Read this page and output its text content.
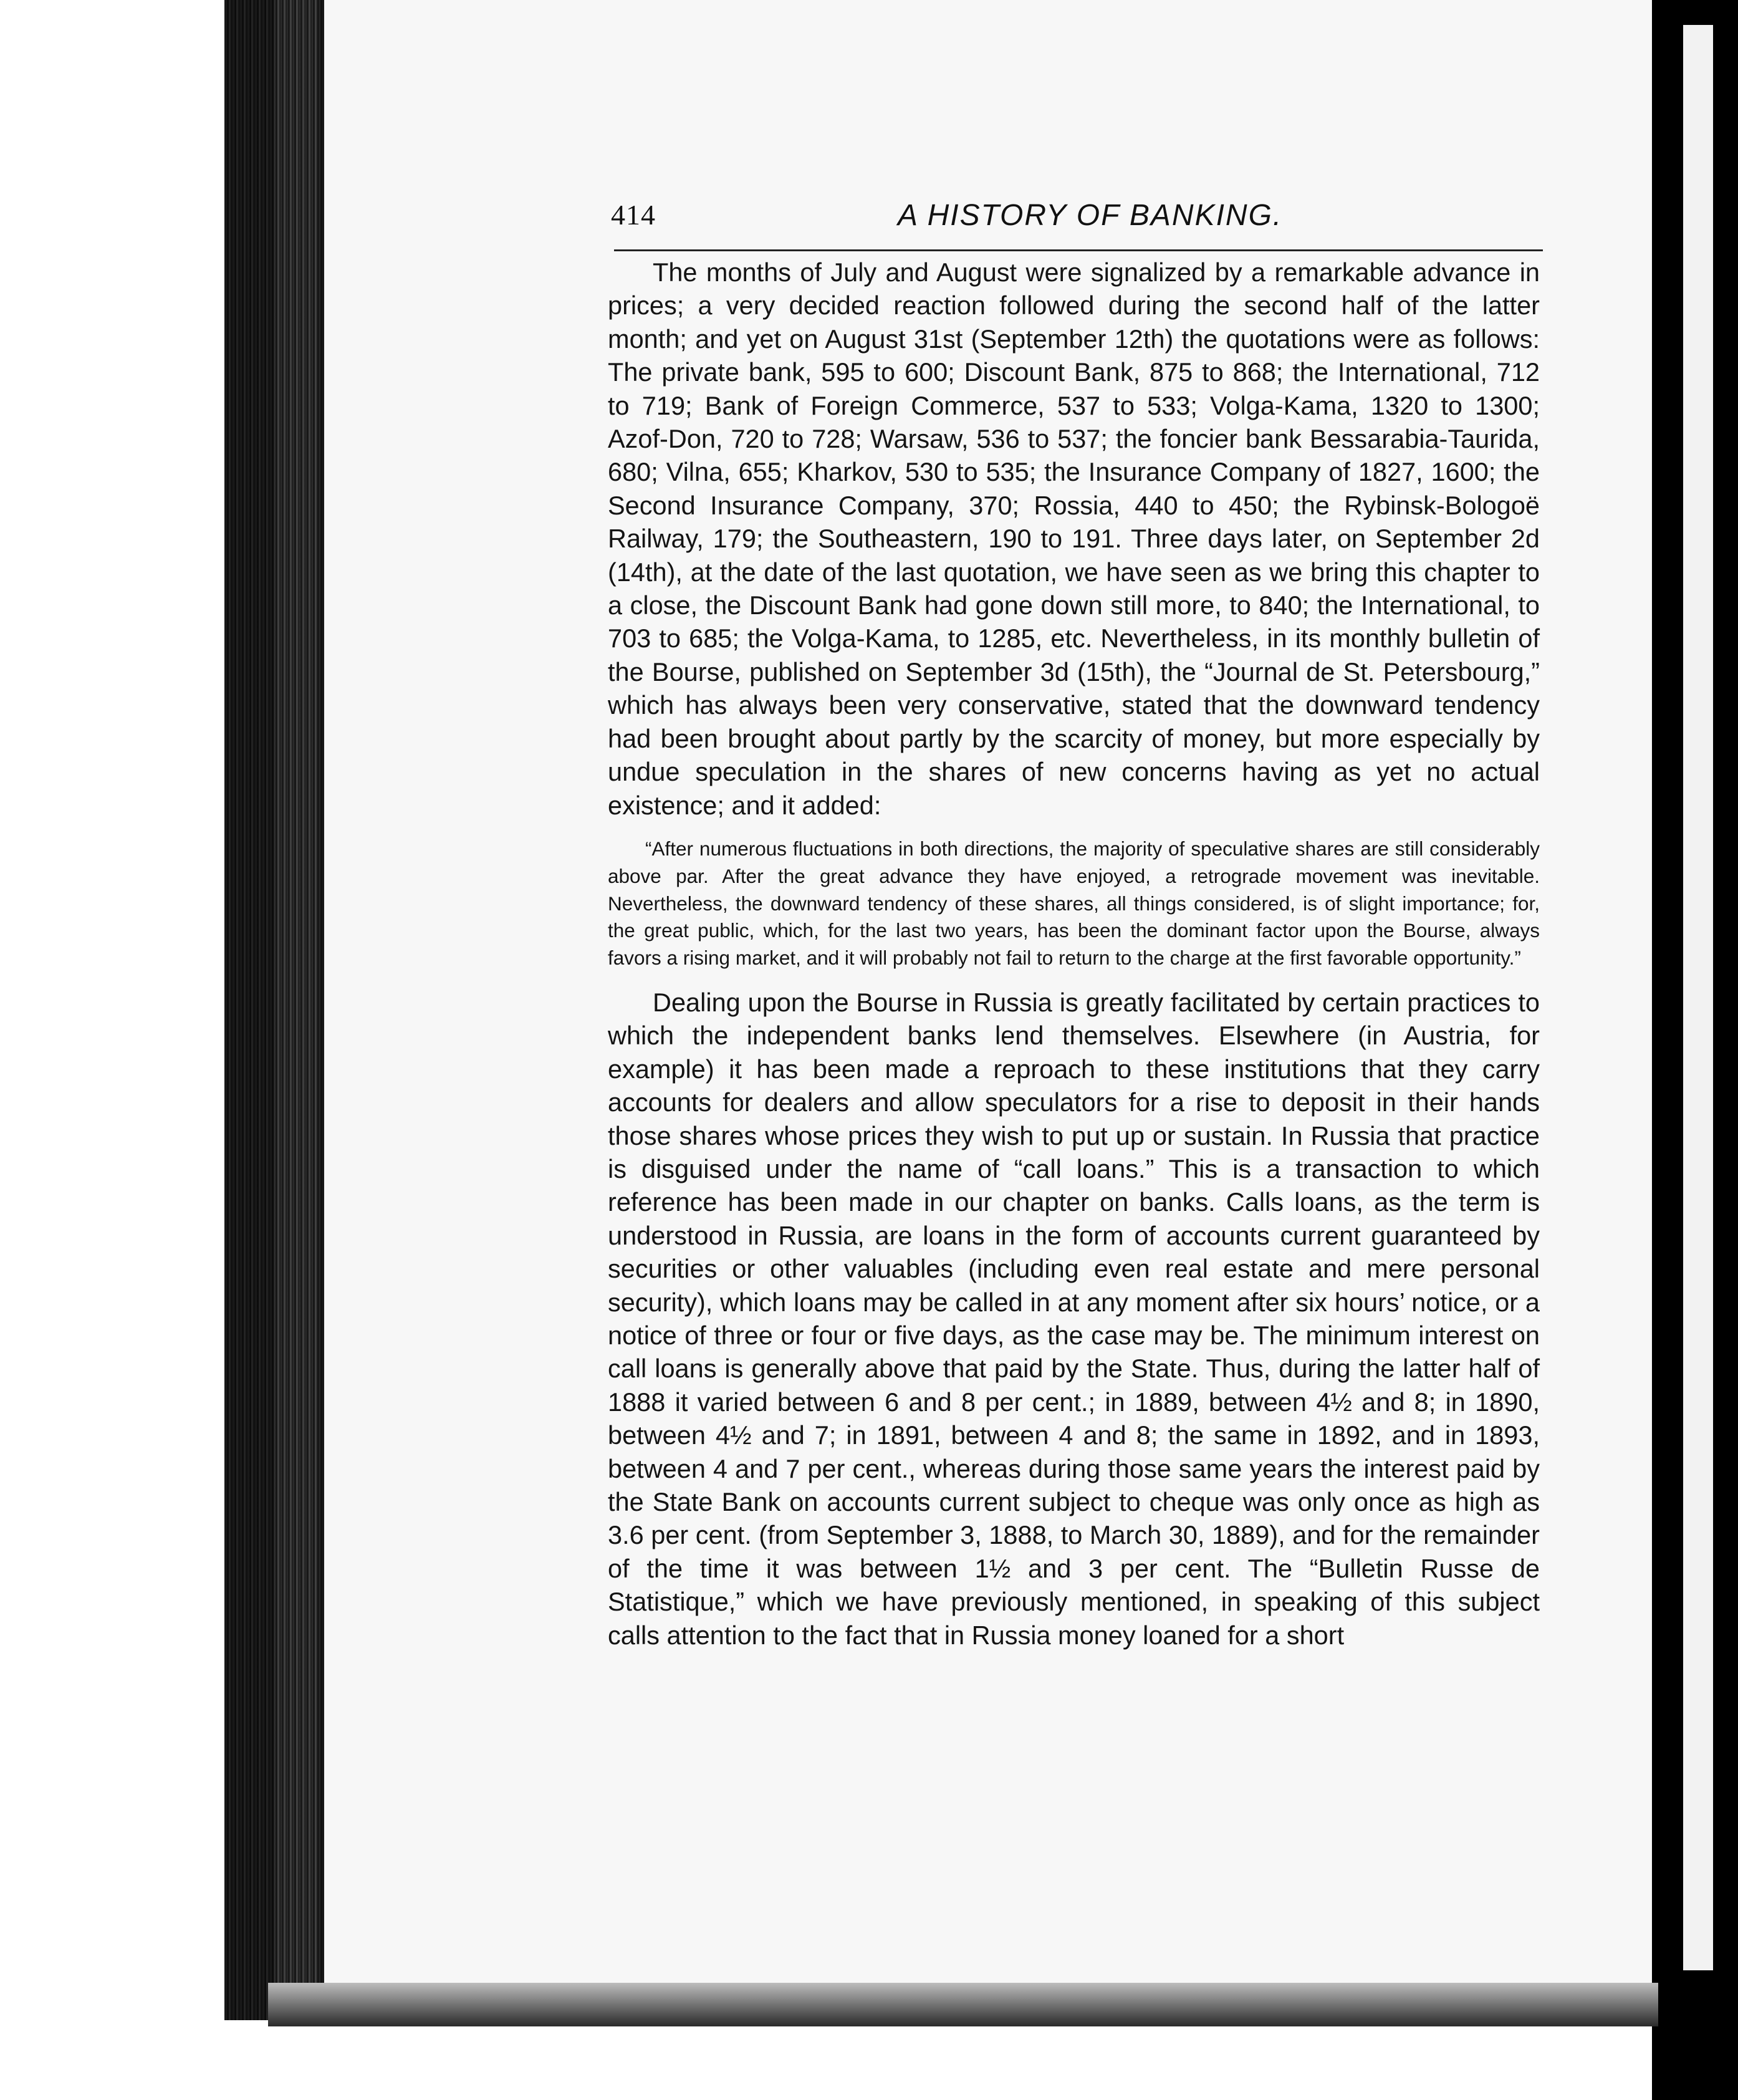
414	A HISTORY OF BANKING.

The months of July and August were signalized by a remarkable advance in prices; a very decided reaction followed during the second half of the latter month; and yet on August 31st (September 12th) the quotations were as follows: The private bank, 595 to 600; Discount Bank, 875 to 868; the International, 712 to 719; Bank of Foreign Commerce, 537 to 533; Volga-Kama, 1320 to 1300; Azof-Don, 720 to 728; Warsaw, 536 to 537; the foncier bank Bessarabia-Taurida, 680; Vilna, 655; Kharkov, 530 to 535; the Insurance Company of 1827, 1600; the Second Insurance Company, 370; Rossia, 440 to 450; the Rybinsk-Bologoë Railway, 179; the Southeastern, 190 to 191. Three days later, on September 2d (14th), at the date of the last quotation, we have seen as we bring this chapter to a close, the Discount Bank had gone down still more, to 840; the International, to 703 to 685; the Volga-Kama, to 1285, etc. Nevertheless, in its monthly bulletin of the Bourse, published on September 3d (15th), the “Journal de St. Petersbourg,” which has always been very conservative, stated that the downward tendency had been brought about partly by the scarcity of money, but more especially by undue speculation in the shares of new concerns having as yet no actual existence; and it added:

“After numerous fluctuations in both directions, the majority of speculative shares are still considerably above par. After the great advance they have enjoyed, a retrograde movement was inevitable. Nevertheless, the downward tendency of these shares, all things considered, is of slight importance; for, the great public, which, for the last two years, has been the dominant factor upon the Bourse, always favors a rising market, and it will probably not fail to return to the charge at the first favorable opportunity.”

Dealing upon the Bourse in Russia is greatly facilitated by certain practices to which the independent banks lend themselves. Elsewhere (in Austria, for example) it has been made a reproach to these institutions that they carry accounts for dealers and allow speculators for a rise to deposit in their hands those shares whose prices they wish to put up or sustain. In Russia that practice is disguised under the name of “call loans.” This is a transaction to which reference has been made in our chapter on banks. Calls loans, as the term is understood in Russia, are loans in the form of accounts current guaranteed by securities or other valuables (including even real estate and mere personal security), which loans may be called in at any moment after six hours’ notice, or a notice of three or four or five days, as the case may be. The minimum interest on call loans is generally above that paid by the State. Thus, during the latter half of 1888 it varied between 6 and 8 per cent.; in 1889, between 4½ and 8; in 1890, between 4½ and 7; in 1891, between 4 and 8; the same in 1892, and in 1893, between 4 and 7 per cent., whereas during those same years the interest paid by the State Bank on accounts current subject to cheque was only once as high as 3.6 per cent. (from September 3, 1888, to March 30, 1889), and for the remainder of the time it was between 1½ and 3 per cent. The “Bulletin Russe de Statistique,” which we have previously mentioned, in speaking of this subject calls attention to the fact that in Russia money loaned for a short
